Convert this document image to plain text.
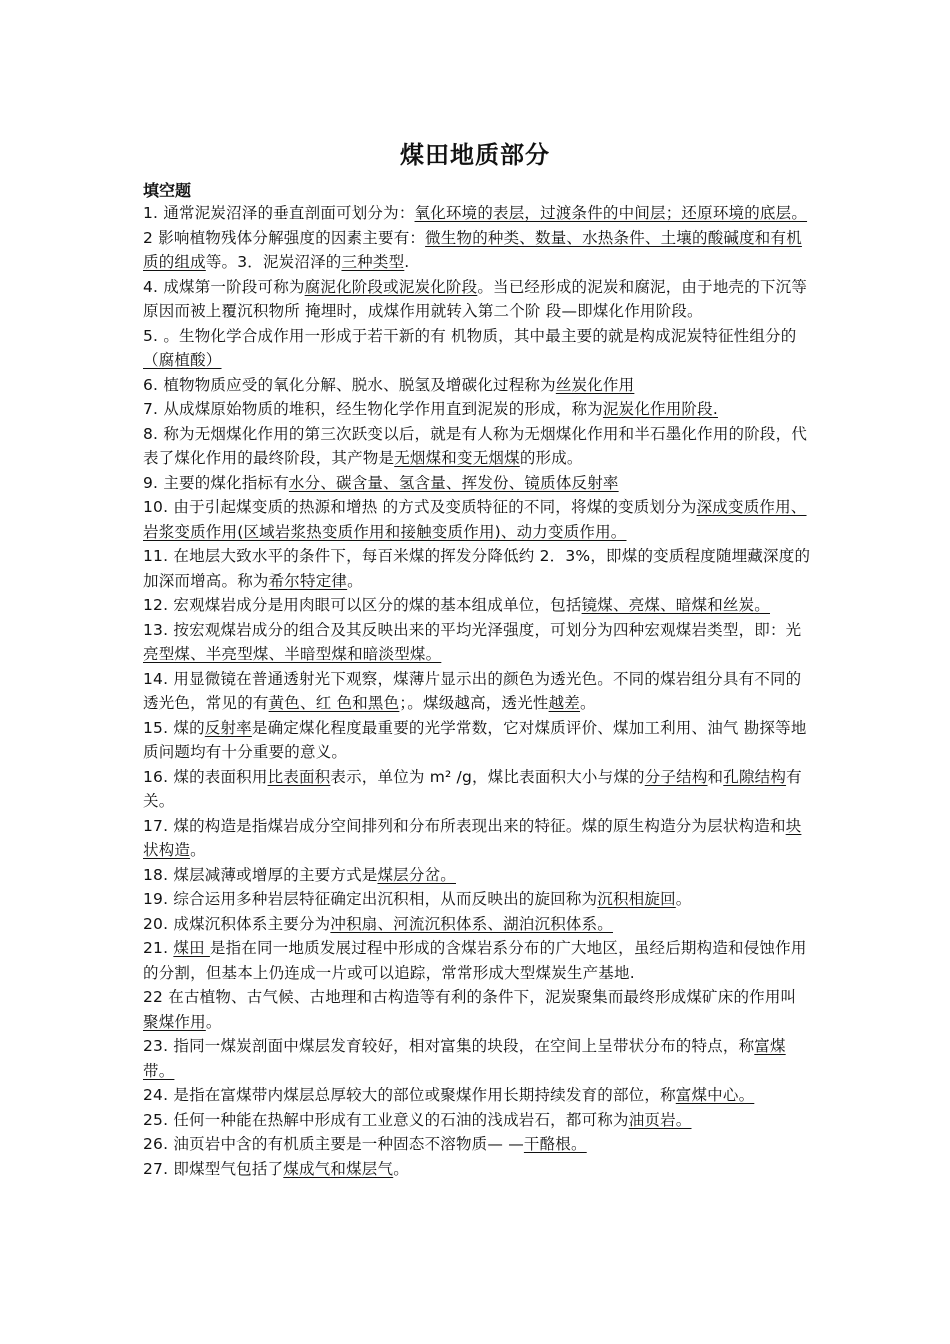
煤田地质部分
填空题

1. 通常泥炭沼泽的垂直剖面可划分为：氧化环境的表层，过渡条件的中间层；还原环境的底层。

2 影响植物残体分解强度的因素主要有：微生物的种类、数量、水热条件、土壤的酸碱度和有机质的组成等。3．泥炭沼泽的三种类型.

4. 成煤第一阶段可称为腐泥化阶段或泥炭化阶段。当已经形成的泥炭和腐泥，由于地壳的下沉等原因而被上覆沉积物所 掩埋时，成煤作用就转入第二个阶 段—即煤化作用阶段。

5. 。生物化学合成作用一形成于若干新的有 机物质，其中最主要的就是构成泥炭特征性组分的（腐植酸）

6. 植物物质应受的氧化分解、脱水、脱氢及增碳化过程称为丝炭化作用

7. 从成煤原始物质的堆积，经生物化学作用直到泥炭的形成，称为泥炭化作用阶段.

8. 称为无烟煤化作用的第三次跃变以后，就是有人称为无烟煤化作用和半石墨化作用的阶段，代表了煤化作用的最终阶段，其产物是无烟煤和变无烟煤的形成。

9. 主要的煤化指标有水分、碳含量、氢含量、挥发份、镜质体反射率

10. 由于引起煤变质的热源和增热 的方式及变质特征的不同，将煤的变质划分为深成变质作用、岩浆变质作用(区域岩浆热变质作用和接触变质作用)、动力变质作用。

11. 在地层大致水平的条件下，每百米煤的挥发分降低约 2．3%，即煤的变质程度随埋藏深度的加深而增高。称为希尔特定律。

12. 宏观煤岩成分是用肉眼可以区分的煤的基本组成单位，包括镜煤、亮煤、暗煤和丝炭。

13. 按宏观煤岩成分的组合及其反映出来的平均光泽强度，可划分为四种宏观煤岩类型，即：光 亮型煤、半亮型煤、半暗型煤和暗淡型煤。

14. 用显微镜在普通透射光下观察，煤薄片显示出的颜色为透光色。不同的煤岩组分具有不同的透光色，常见的有黄色、红 色和黑色；。煤级越高，透光性越差。

15. 煤的反射率是确定煤化程度最重要的光学常数，它对煤质评价、煤加工利用、油气 勘探等地质问题均有十分重要的意义。

16. 煤的表面积用比表面积表示，单位为 m² /g，煤比表面积大小与煤的分子结构和孔隙结构有关。

17. 煤的构造是指煤岩成分空间排列和分布所表现出来的特征。煤的原生构造分为层状构造和块状构造。

18. 煤层减薄或增厚的主要方式是煤层分岔。

19. 综合运用多种岩层特征确定出沉积相，从而反映出的旋回称为沉积相旋回。

20. 成煤沉积体系主要分为冲积扇、河流沉积体系、湖泊沉积体系。

21. 煤田 是指在同一地质发展过程中形成的含煤岩系分布的广大地区，虽经后期构造和侵蚀作用的分割，但基本上仍连成一片或可以追踪，常常形成大型煤炭生产基地.

22 在古植物、古气候、古地理和古构造等有利的条件下，泥炭聚集而最终形成煤矿床的作用叫聚煤作用。

23. 指同一煤炭剖面中煤层发育较好，相对富集的块段，在空间上呈带状分布的特点，称富煤带。

24. 是指在富煤带内煤层总厚较大的部位或聚煤作用长期持续发育的部位，称富煤中心。

25. 任何一种能在热解中形成有工业意义的石油的浅成岩石，都可称为油页岩。

26. 油页岩中含的有机质主要是一种固态不溶物质— —干酪根。

27. 即煤型气包括了煤成气和煤层气。
